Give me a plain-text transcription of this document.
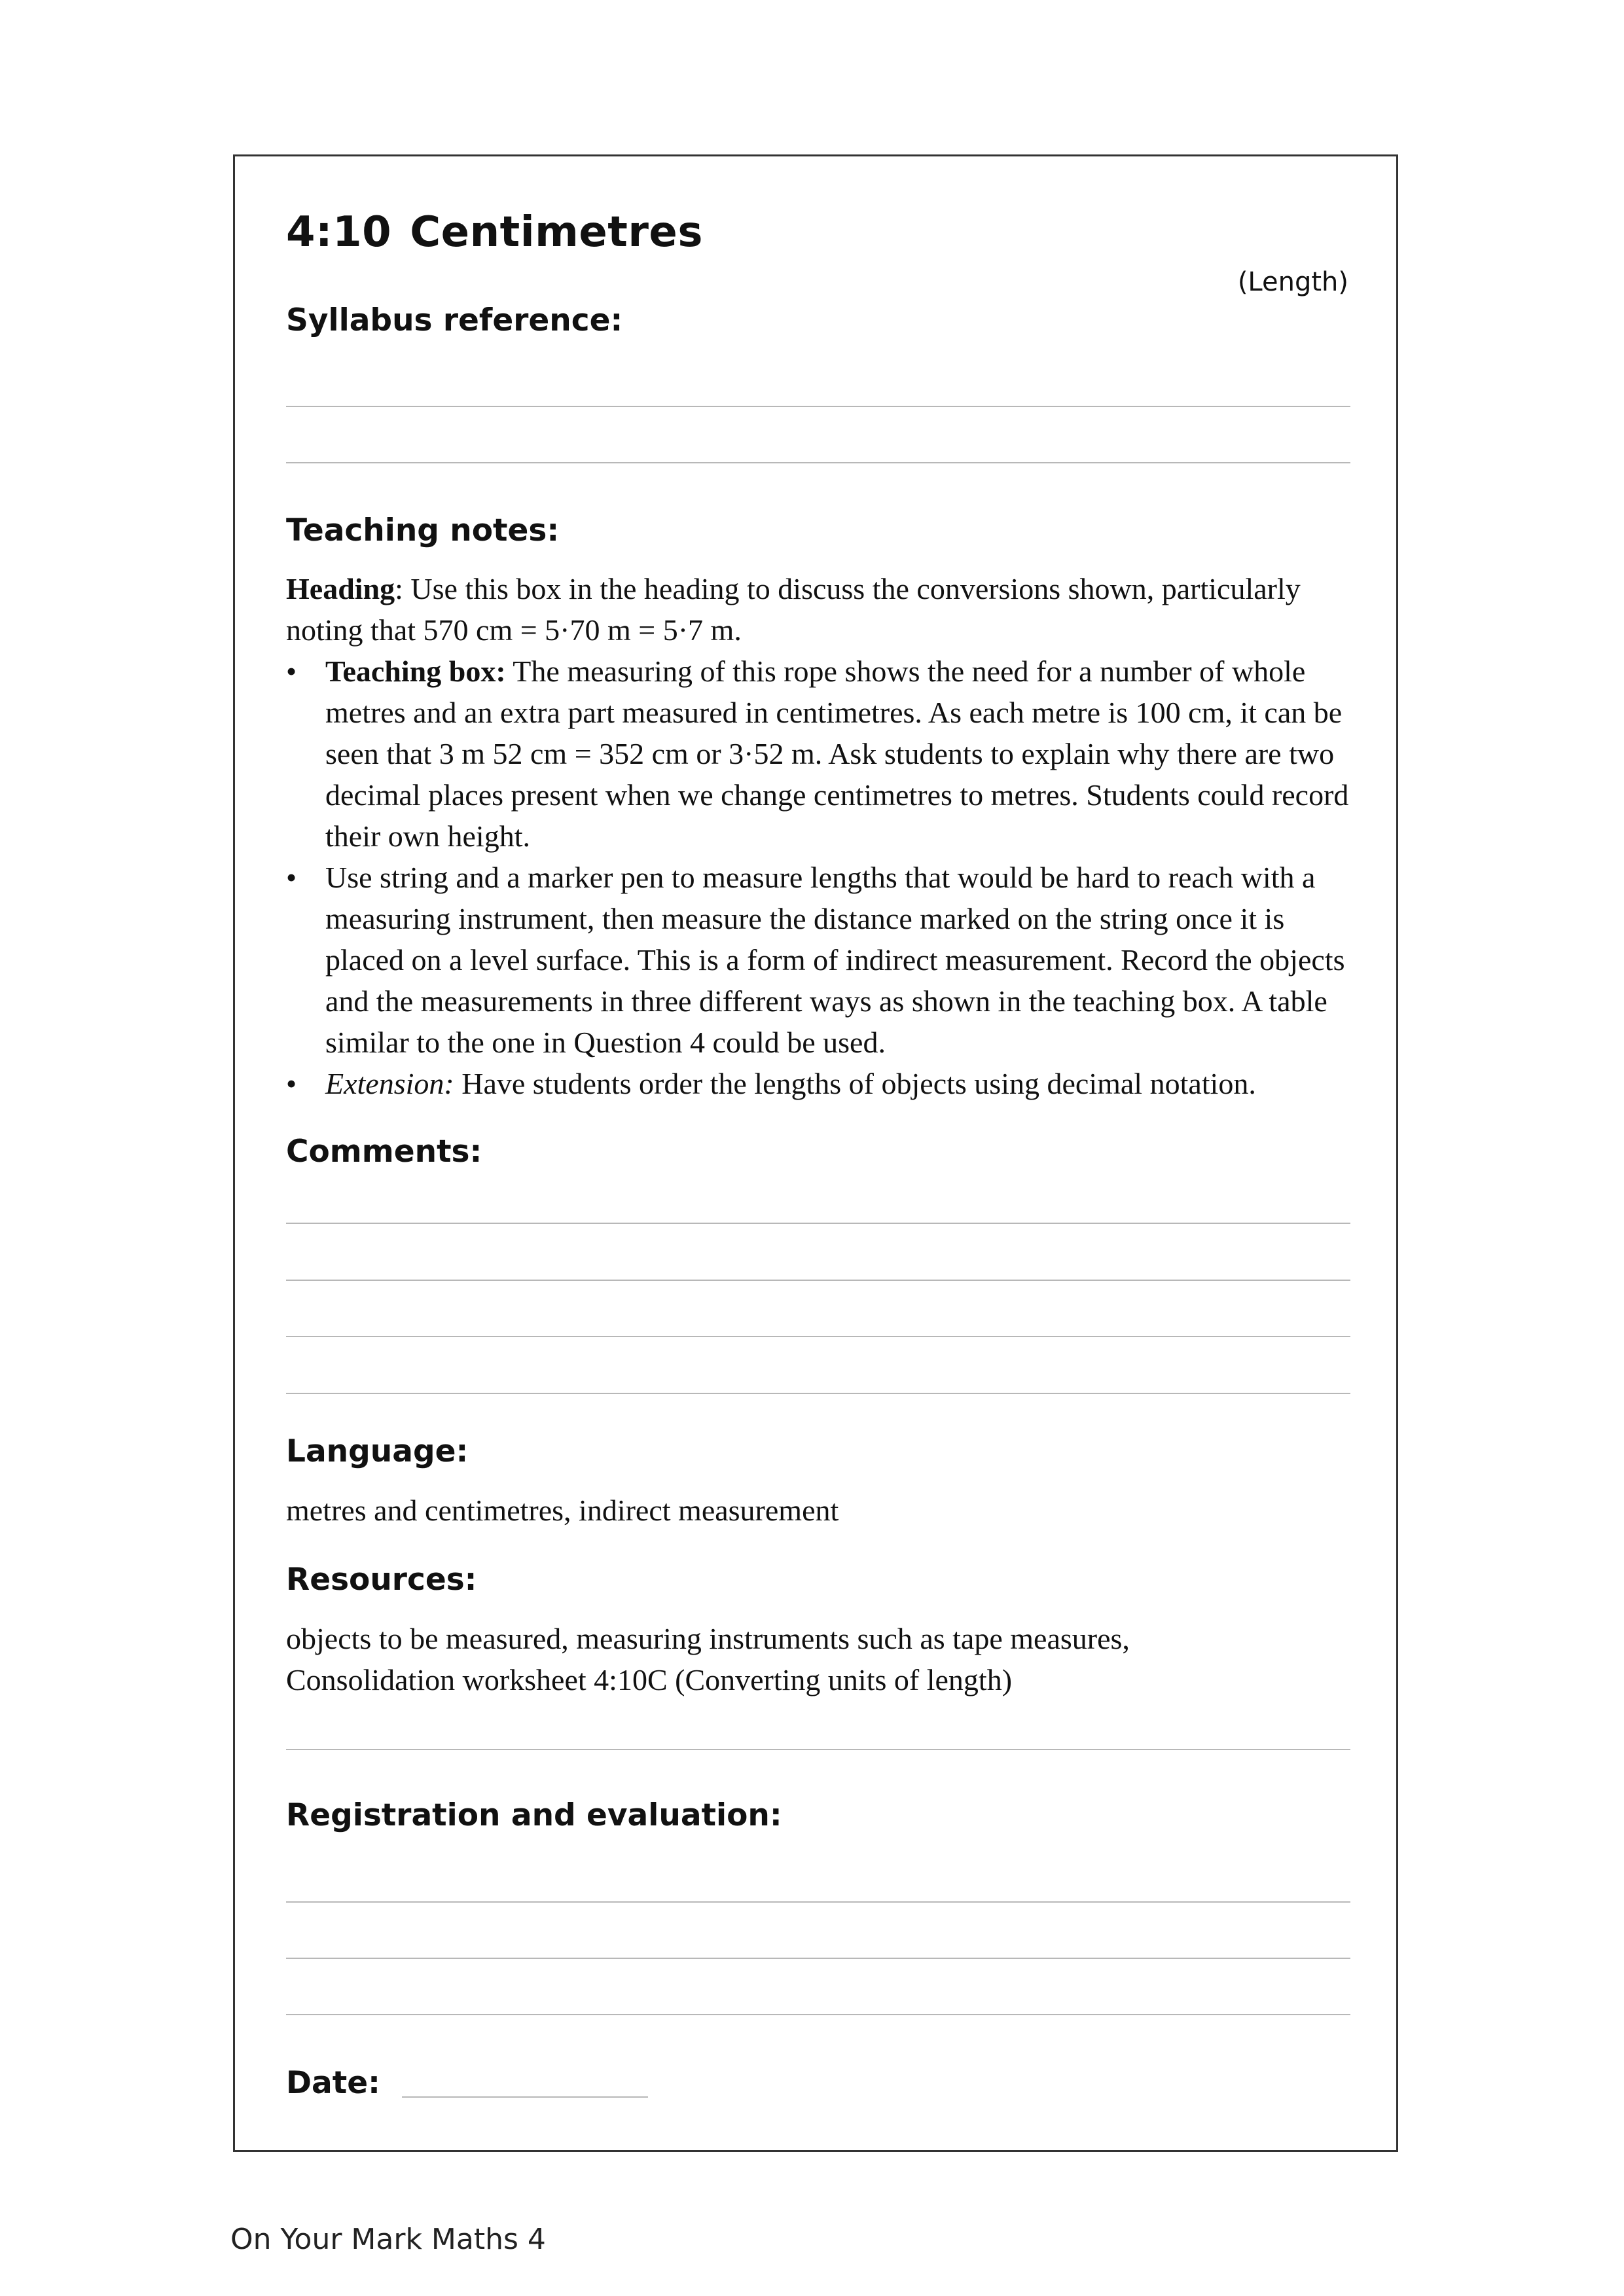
4:10 Centimetres
(Length)
Syllabus reference:
Teaching notes:
Heading: Use this box in the heading to discuss the conversions shown, particularly noting that 570 cm = 5·70 m = 5·7 m.
• Teaching box: The measuring of this rope shows the need for a number of whole metres and an extra part measured in centimetres. As each metre is 100 cm, it can be seen that 3 m 52 cm = 352 cm or 3·52 m. Ask students to explain why there are two decimal places present when we change centimetres to metres. Students could record their own height.
• Use string and a marker pen to measure lengths that would be hard to reach with a measuring instrument, then measure the distance marked on the string once it is placed on a level surface. This is a form of indirect measurement. Record the objects and the measurements in three different ways as shown in the teaching box. A table similar to the one in Question 4 could be used.
• Extension: Have students order the lengths of objects using decimal notation.
Comments:
Language:
metres and centimetres, indirect measurement
Resources:
objects to be measured, measuring instruments such as tape measures, Consolidation worksheet 4:10C (Converting units of length)
Registration and evaluation:
Date:
On Your Mark Maths 4
